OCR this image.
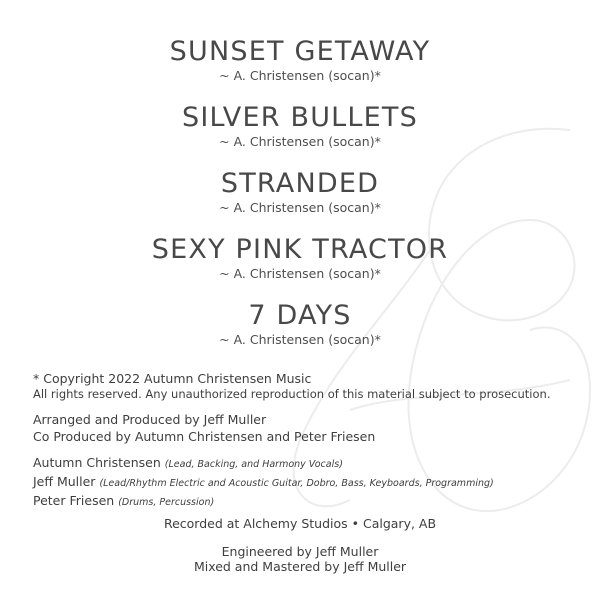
SUNSET GETAWAY
~ A. Christensen (socan)*
SILVER BULLETS
~ A. Christensen (socan)*
STRANDED
~ A. Christensen (socan)*
SEXY PINK TRACTOR
~ A. Christensen (socan)*
7 DAYS
~ A. Christensen (socan)*

* Copyright 2022 Autumn Christensen Music

All rights reserved. Any unauthorized reproduction of this material subject to prosecution.

Arranged and Produced by Jeff Muller

Co Produced by Autumn Christensen and Peter Friesen

Autumn Christensen (Lead, Backing, and Harmony Vocals)

Jeff Muller (Lead/Rhythm Electric and Acoustic Guitar, Dobro, Bass, Keyboards, Programming)

Peter Friesen (Drums, Percussion)

Recorded at Alchemy Studios • Calgary, AB
Engineered by Jeff Muller
Mixed and Mastered by Jeff Muller
